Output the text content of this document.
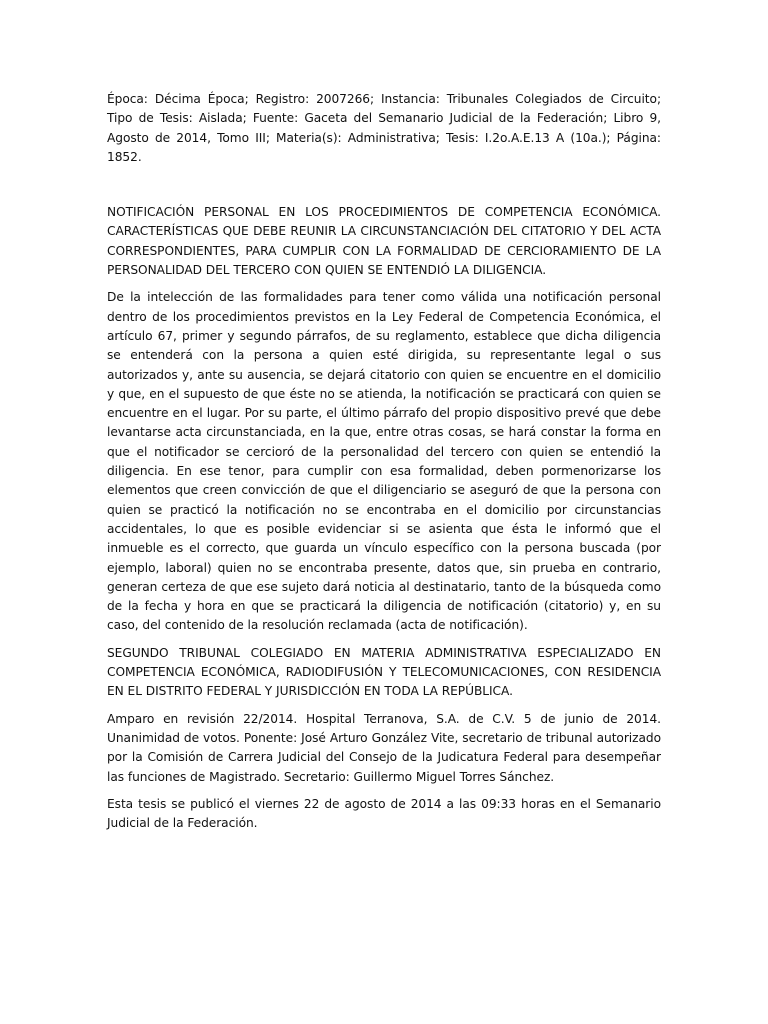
Época: Décima Época; Registro: 2007266; Instancia: Tribunales Colegiados de Circuito; Tipo de Tesis: Aislada; Fuente: Gaceta del Semanario Judicial de la Federación; Libro 9, Agosto de 2014, Tomo III; Materia(s): Administrativa; Tesis: I.2o.A.E.13 A (10a.); Página: 1852.

NOTIFICACIÓN PERSONAL EN LOS PROCEDIMIENTOS DE COMPETENCIA ECONÓMICA. CARACTERÍSTICAS QUE DEBE REUNIR LA CIRCUNSTANCIACIÓN DEL CITATORIO Y DEL ACTA CORRESPONDIENTES, PARA CUMPLIR CON LA FORMALIDAD DE CERCIORAMIENTO DE LA PERSONALIDAD DEL TERCERO CON QUIEN SE ENTENDIÓ LA DILIGENCIA.

De la intelección de las formalidades para tener como válida una notificación personal dentro de los procedimientos previstos en la Ley Federal de Competencia Económica, el artículo 67, primer y segundo párrafos, de su reglamento, establece que dicha diligencia se entenderá con la persona a quien esté dirigida, su representante legal o sus autorizados y, ante su ausencia, se dejará citatorio con quien se encuentre en el domicilio y que, en el supuesto de que éste no se atienda, la notificación se practicará con quien se encuentre en el lugar. Por su parte, el último párrafo del propio dispositivo prevé que debe levantarse acta circunstanciada, en la que, entre otras cosas, se hará constar la forma en que el notificador se cercioró de la personalidad del tercero con quien se entendió la diligencia. En ese tenor, para cumplir con esa formalidad, deben pormenorizarse los elementos que creen convicción de que el diligenciario se aseguró de que la persona con quien se practicó la notificación no se encontraba en el domicilio por circunstancias accidentales, lo que es posible evidenciar si se asienta que ésta le informó que el inmueble es el correcto, que guarda un vínculo específico con la persona buscada (por ejemplo, laboral) quien no se encontraba presente, datos que, sin prueba en contrario, generan certeza de que ese sujeto dará noticia al destinatario, tanto de la búsqueda como de la fecha y hora en que se practicará la diligencia de notificación (citatorio) y, en su caso, del contenido de la resolución reclamada (acta de notificación).

SEGUNDO TRIBUNAL COLEGIADO EN MATERIA ADMINISTRATIVA ESPECIALIZADO EN COMPETENCIA ECONÓMICA, RADIODIFUSIÓN Y TELECOMUNICACIONES, CON RESIDENCIA EN EL DISTRITO FEDERAL Y JURISDICCIÓN EN TODA LA REPÚBLICA.

Amparo en revisión 22/2014. Hospital Terranova, S.A. de C.V. 5 de junio de 2014. Unanimidad de votos. Ponente: José Arturo González Vite, secretario de tribunal autorizado por la Comisión de Carrera Judicial del Consejo de la Judicatura Federal para desempeñar las funciones de Magistrado. Secretario: Guillermo Miguel Torres Sánchez.

Esta tesis se publicó el viernes 22 de agosto de 2014 a las 09:33 horas en el Semanario Judicial de la Federación.
